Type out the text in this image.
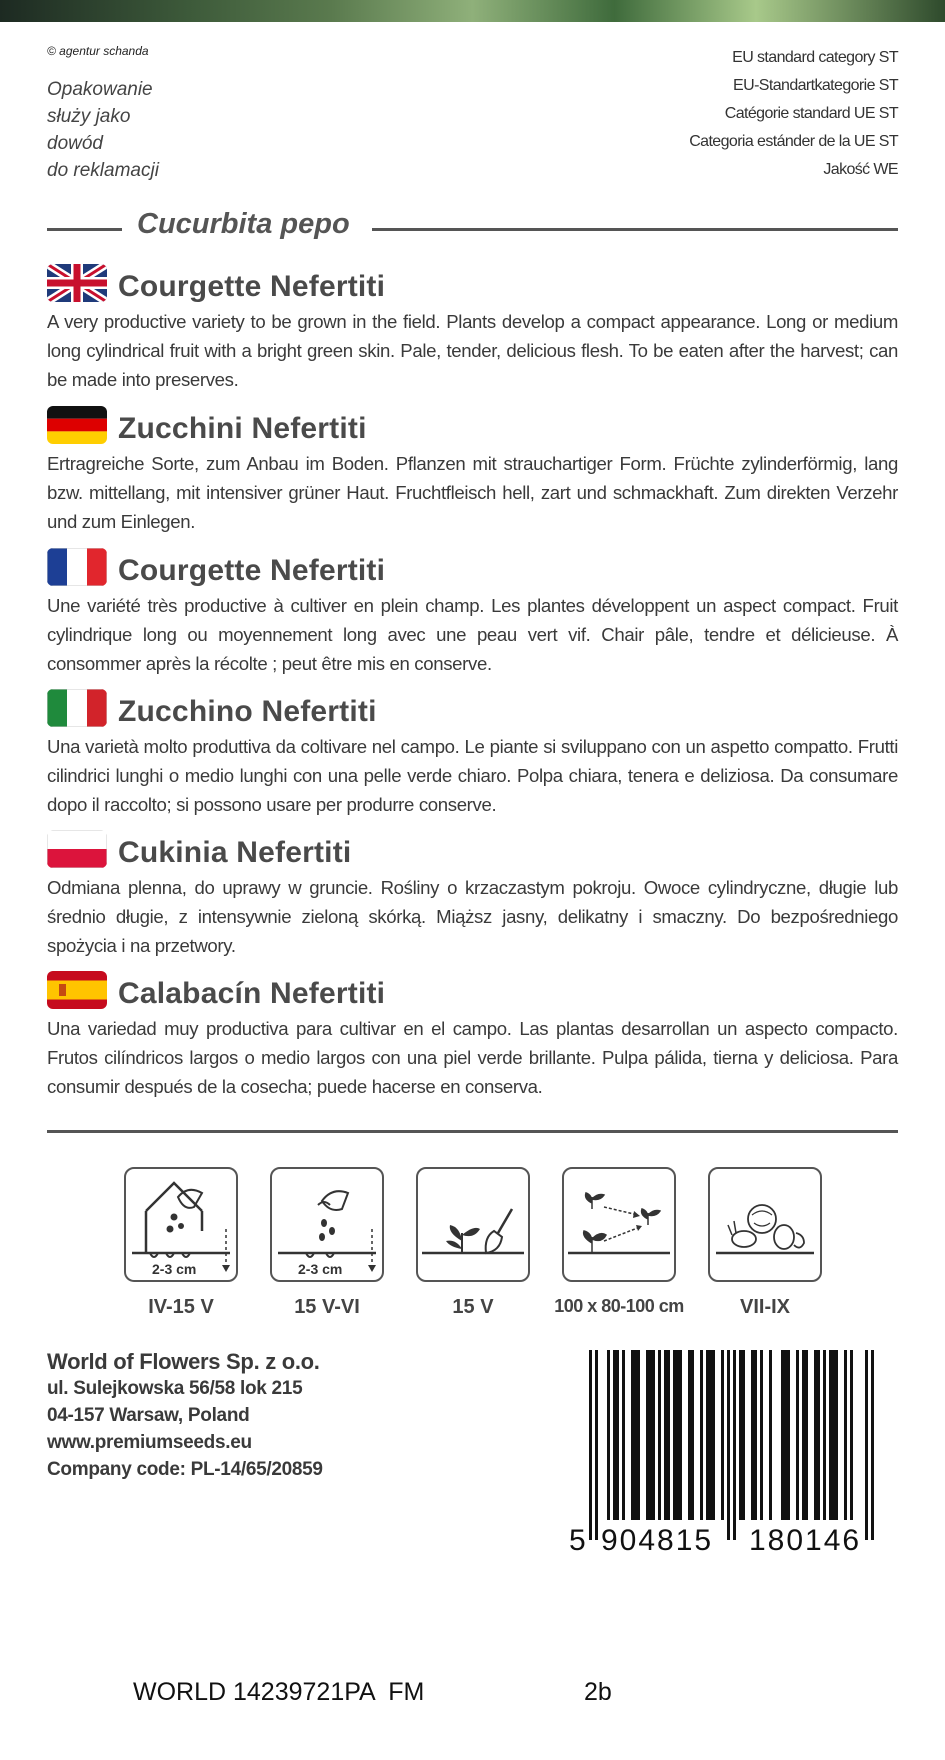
© agentur schanda
Opakowanie
służy jako
dowód
do reklamacji
EU standard category ST
EU-Standartkategorie ST
Catégorie standard UE ST
Categoria estánder de la UE ST
Jakość WE
Cucurbita pepo
Courgette Nefertiti
A very productive variety to be grown in the field. Plants develop a compact appearance. Long or medium long cylindrical fruit with a bright green skin. Pale, tender, delicious flesh. To be eaten after the harvest; can be made into preserves.
Zucchini Nefertiti
Ertragreiche Sorte, zum Anbau im Boden. Pflanzen mit strauchartiger Form. Früchte zylinderförmig, lang bzw. mittellang, mit intensiver grüner Haut. Fruchtfleisch hell, zart und schmackhaft. Zum direkten Verzehr und zum Einlegen.
Courgette Nefertiti
Une variété très productive à cultiver en plein champ. Les plantes développent un aspect compact. Fruit cylindrique long ou moyennement long avec une peau vert vif. Chair pâle, tendre et délicieuse. À consommer après la récolte ; peut être mis en conserve.
Zucchino Nefertiti
Una varietà molto produttiva da coltivare nel campo. Le piante si sviluppano con un aspetto compatto. Frutti cilindrici lunghi o medio lunghi con una pelle verde chiaro. Polpa chiara, tenera e deliziosa. Da consumare dopo il raccolto; si possono usare per produrre conserve.
Cukinia Nefertiti
Odmiana plenna, do uprawy w gruncie. Rośliny o krzaczastym pokroju. Owoce cylindryczne, długie lub średnio długie, z intensywnie zieloną skórką. Miąższ jasny, delikatny i smaczny. Do bezpośredniego spożycia i na przetwory.
Calabacín Nefertiti
Una variedad muy productiva para cultivar en el campo. Las plantas desarrollan un aspecto compacto. Frutos cilíndricos largos o medio largos con una piel verde brillante. Pulpa pálida, tierna y deliciosa. Para consumir después de la cosecha; puede hacerse en conserva.
2-3 cm
IV-15 V
2-3 cm
15 V-VI	15 V	100 x 80-100 cm	VII-IX
World of Flowers Sp. z o.o.
ul. Sulejkowska 56/58 lok 215
04-157 Warsaw, Poland
www.premiumseeds.eu
Company code: PL-14/65/20859
5 904815 180146
WORLD 14239721PA  FM	2b
